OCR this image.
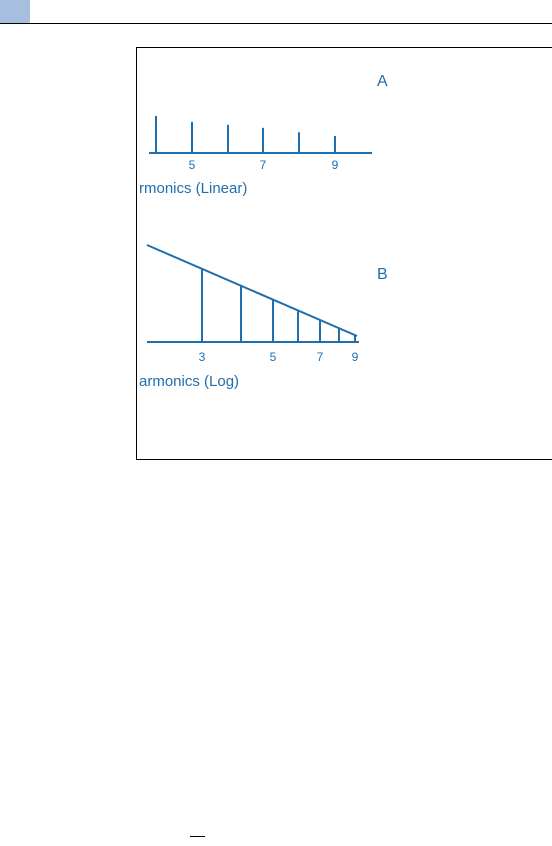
5	7	9
rmonics (Linear)
A
3	5	7 9
armonics (Log)
B
